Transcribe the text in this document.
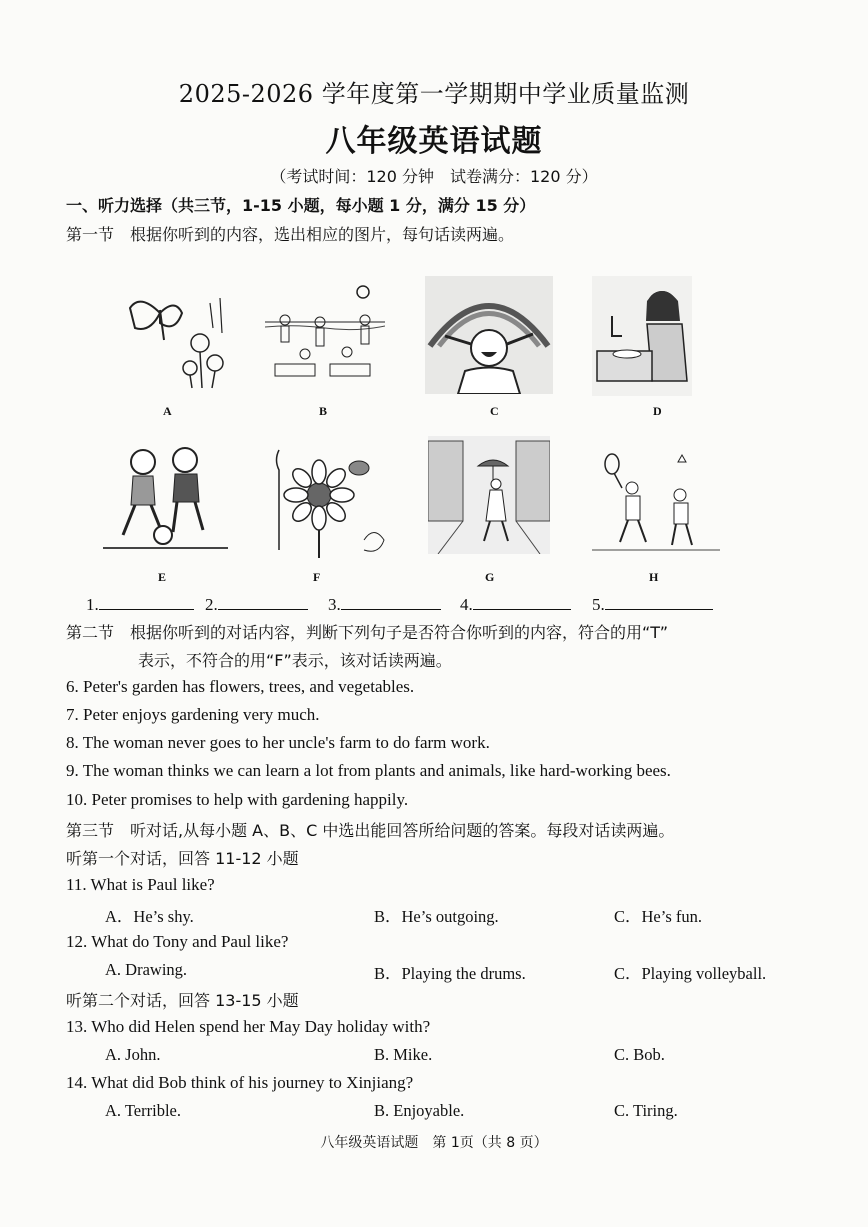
2025-2026 学年度第一学期期中学业质量监测
八年级英语试题
（考试时间：120 分钟　试卷满分：120 分）
一、听力选择（共三节，1-15 小题，每小题 1 分，满分 15 分）
第一节　根据你听到的内容，选出相应的图片，每句话读两遍。
A	B	C	D
E	F	G	H
1.	2.	3.	4.	5.
第二节　根据你听到的对话内容，判断下列句子是否符合你听到的内容，符合的用“T”
表示，不符合的用“F”表示，该对话读两遍。
6. Peter's garden has flowers, trees, and vegetables.
7. Peter enjoys gardening very much.
8. The woman never goes to her uncle's farm to do farm work.
9. The woman thinks we can learn a lot from plants and animals, like hard-working bees.
10. Peter promises to help with gardening happily.
第三节　听对话,从每小题 A、B、C 中选出能回答所给问题的答案。每段对话读两遍。
听第一个对话，回答 11-12 小题
11. What is Paul like?
A．He’s shy.	B．He’s outgoing.	C．He’s fun.
12. What do Tony and Paul like?
A. Drawing.	B．Playing the drums.	C．Playing volleyball.
听第二个对话，回答 13-15 小题
13. Who did Helen spend her May Day holiday with?
A. John.	B. Mike.	C. Bob.
14. What did Bob think of his journey to Xinjiang?
A. Terrible.	B. Enjoyable.	C. Tiring.
八年级英语试题　第 1页（共 8 页）
